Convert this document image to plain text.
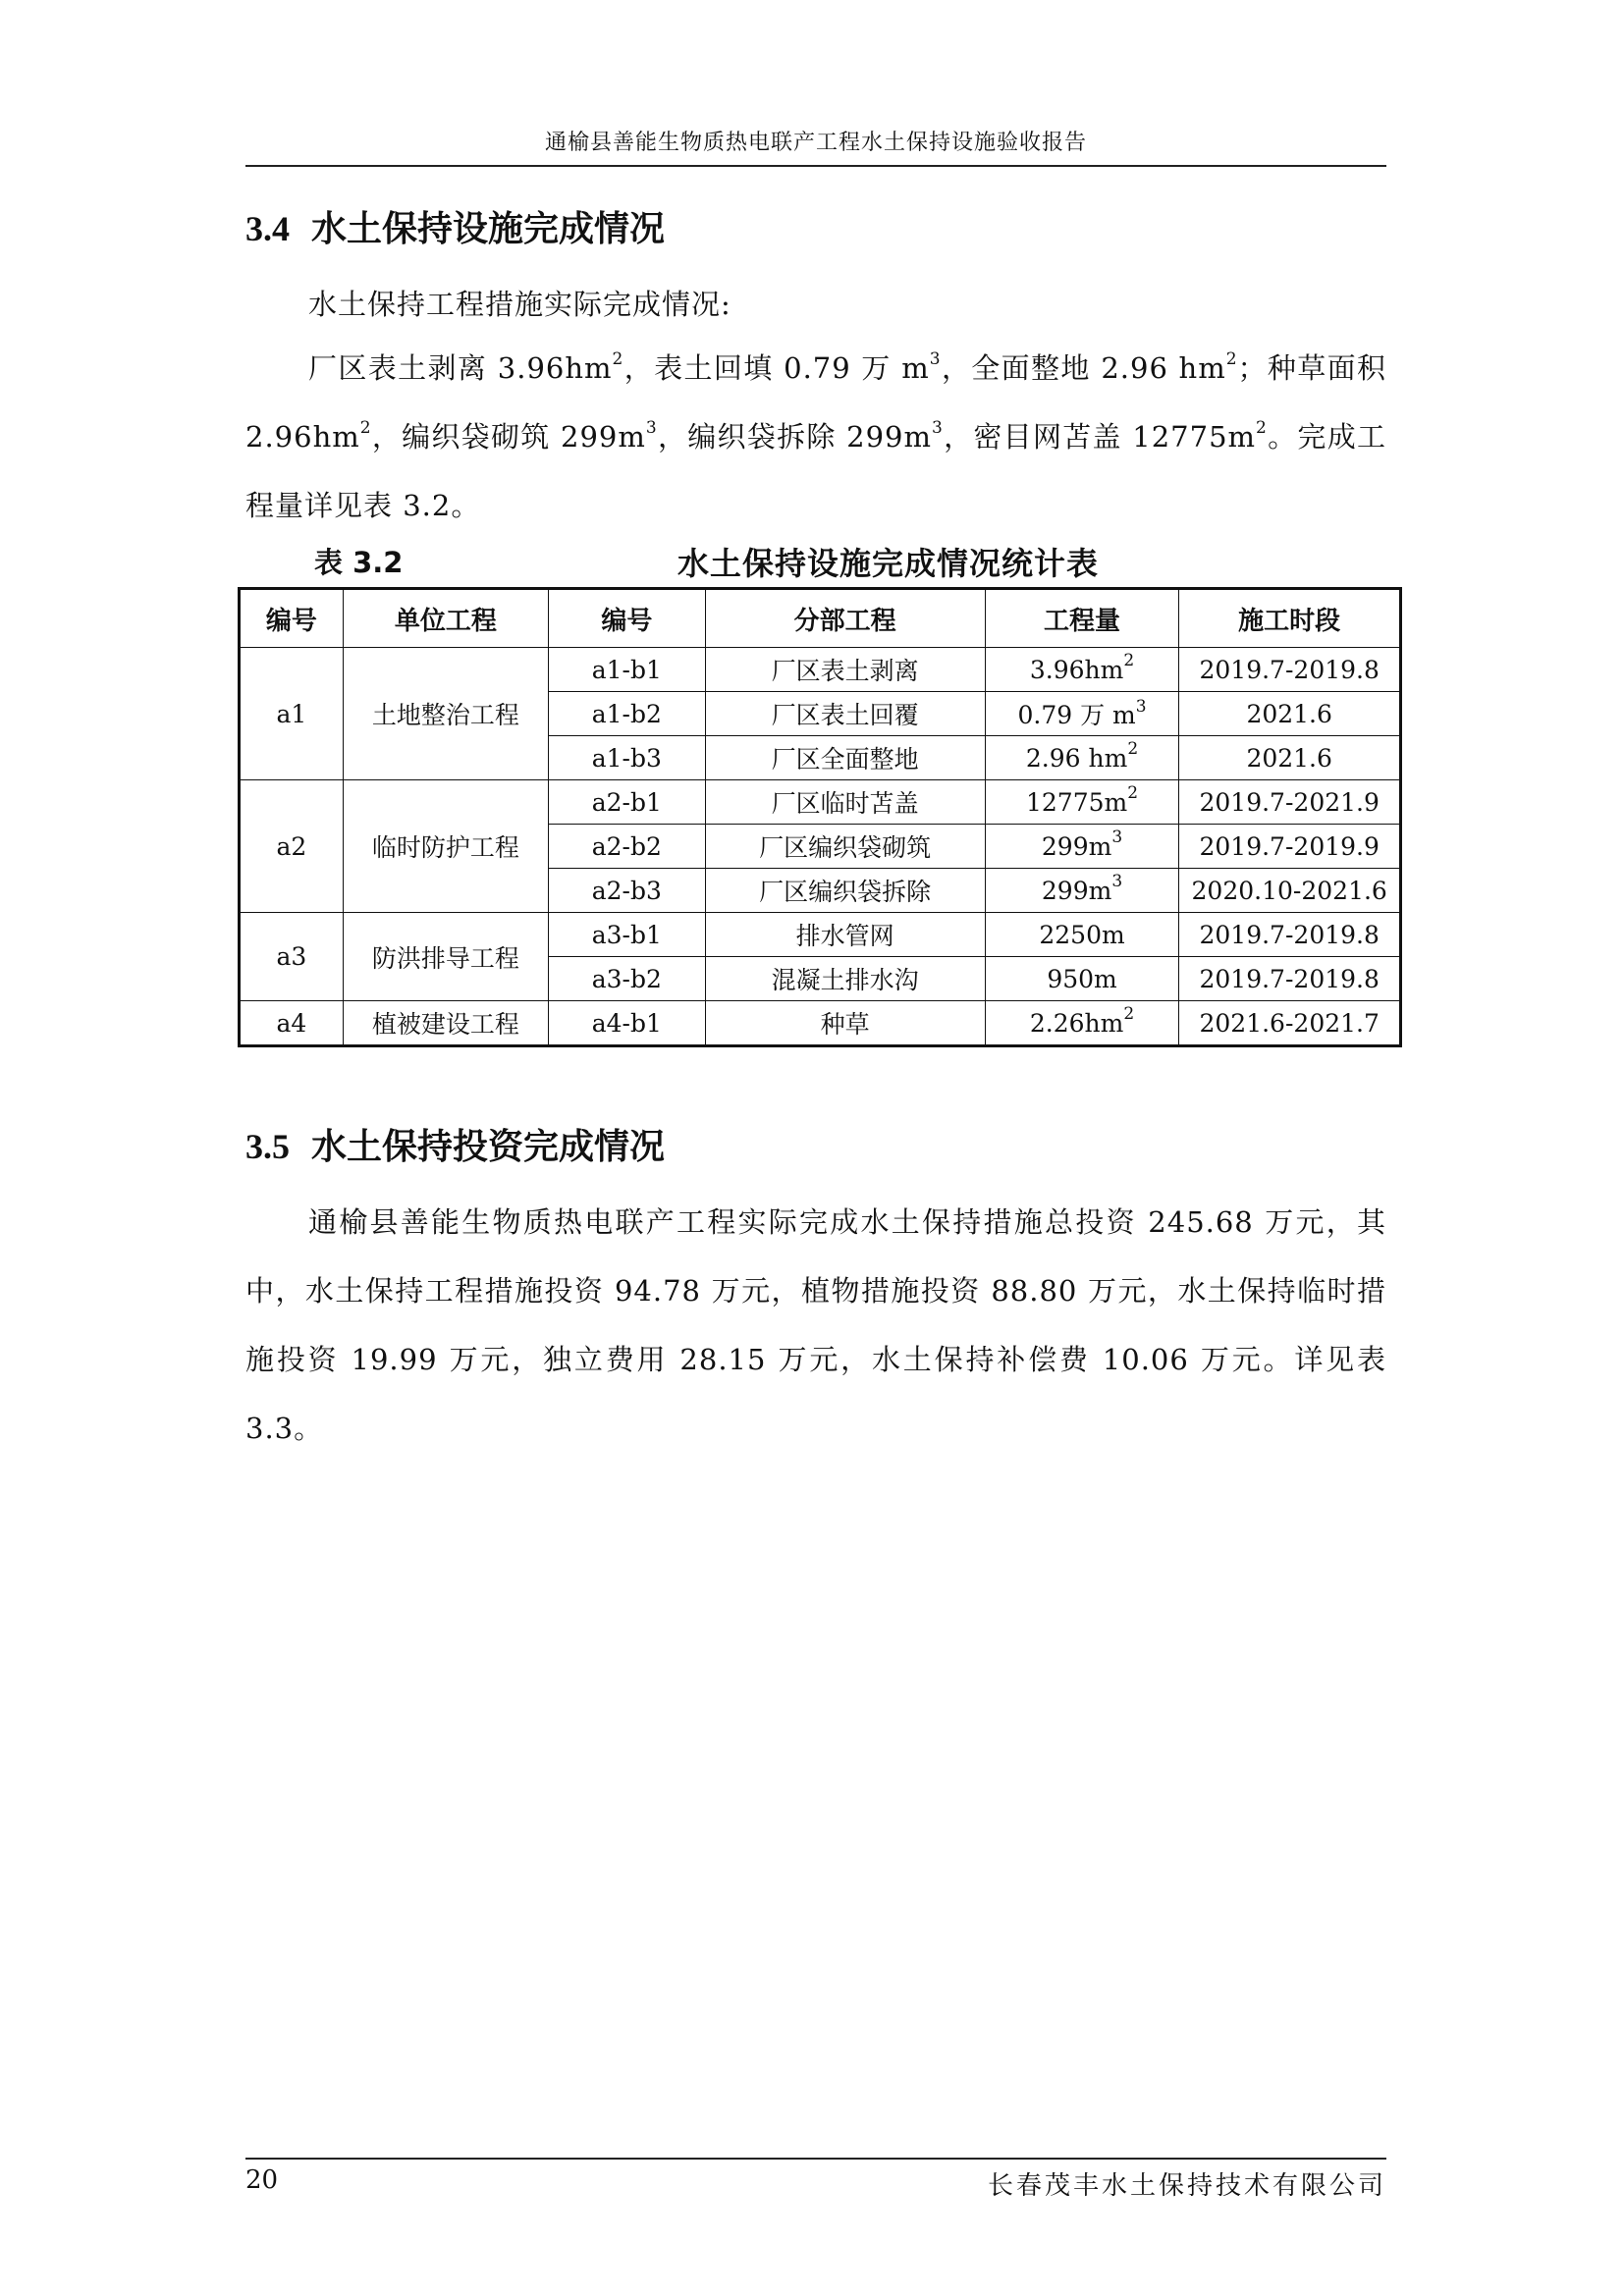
通榆县善能生物质热电联产工程水土保持设施验收报告
3.4 水土保持设施完成情况
水土保持工程措施实际完成情况:
厂区表土剥离 $3.96hm^2$，表土回填 0.79 万 $m^3$，全面整地 2.96 $hm^2$；种草面积 $2.96hm^2$，编织袋砌筑 $299m^3$，编织袋拆除 $299m^3$，密目网苫盖 $12775m^2$。完成工程量详见表 3.2。
表 3.2	水土保持设施完成情况统计表
编号	单位工程	编号	分部工程	工程量	施工时段
a1	土地整治工程	a1-b1	厂区表土剥离	$3.96hm^2$	2019.7-2019.8
		a1-b2	厂区表土回覆	0.79 万 $m^3$	2021.6
		a1-b3	厂区全面整地	2.96 $hm^2$	2021.6
a2	临时防护工程	a2-b1	厂区临时苫盖	$12775m^2$	2019.7-2021.9
		a2-b2	厂区编织袋砌筑	$299m^3$	2019.7-2019.9
		a2-b3	厂区编织袋拆除	$299m^3$	2020.10-2021.6
a3	防洪排导工程	a3-b1	排水管网	2250m	2019.7-2019.8
		a3-b2	混凝土排水沟	950m	2019.7-2019.8
a4	植被建设工程	a4-b1	种草	$2.26hm^2$	2021.6-2021.7
3.5 水土保持投资完成情况
通榆县善能生物质热电联产工程实际完成水土保持措施总投资 245.68 万元，其中，水土保持工程措施投资 94.78 万元，植物措施投资 88.80 万元，水土保持临时措施投资 19.99 万元，独立费用 28.15 万元，水土保持补偿费 10.06 万元。详见表 3.3。
20	长春茂丰水土保持技术有限公司
